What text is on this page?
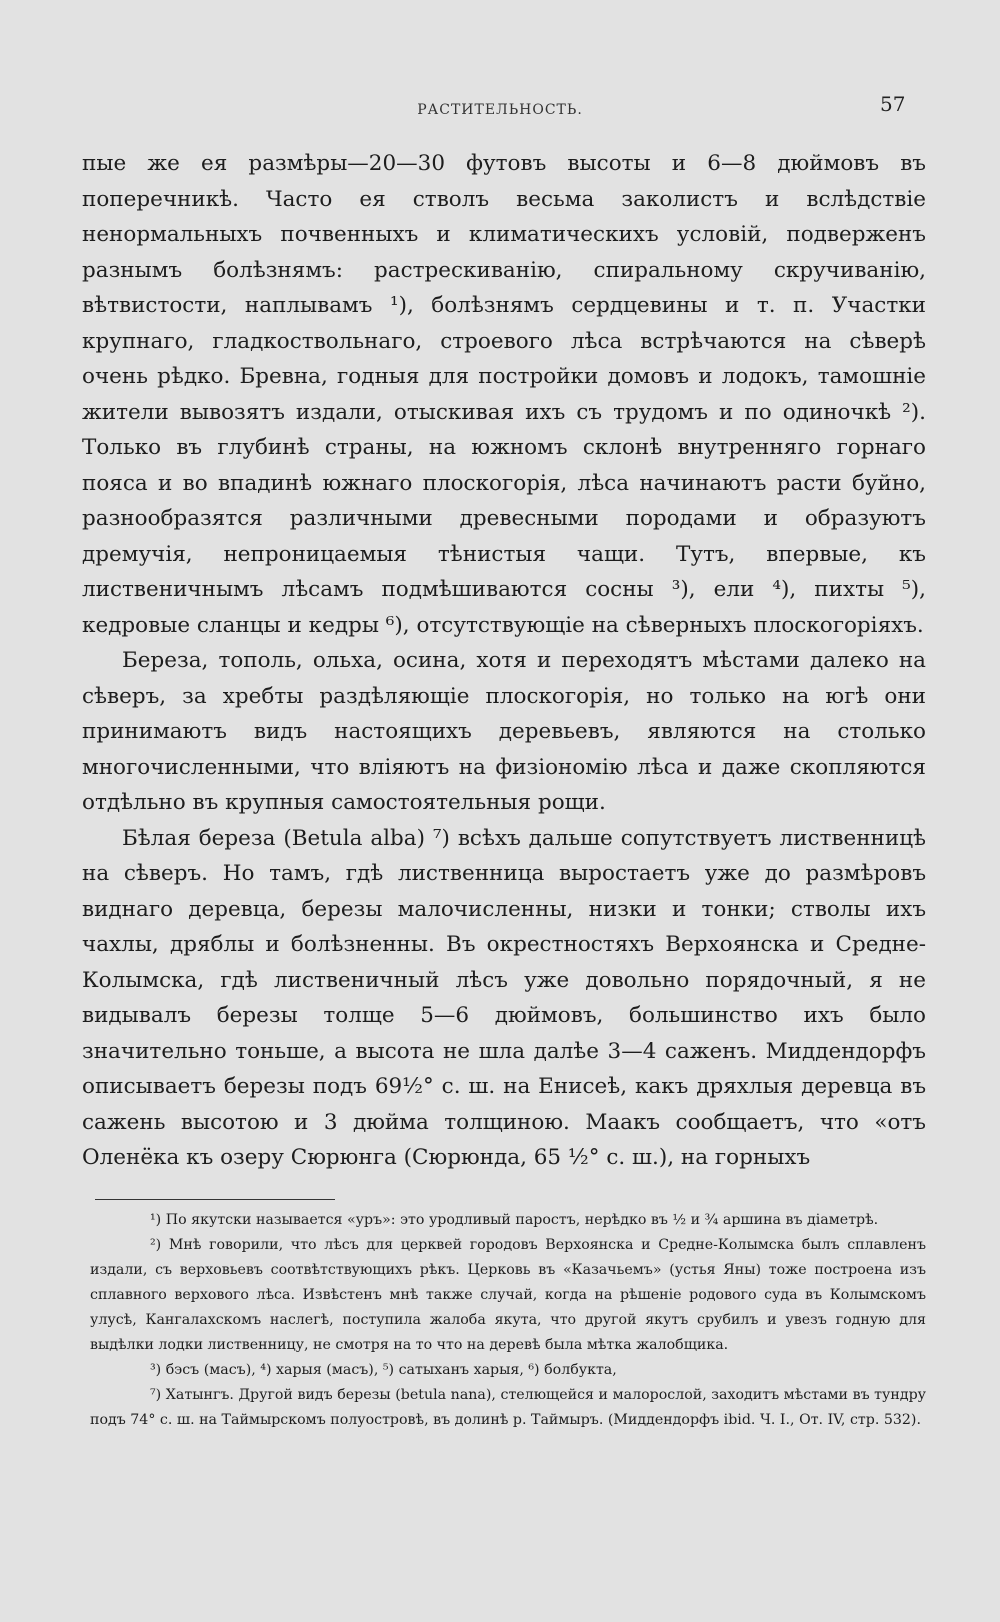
РАСТИТЕЛЬНОСТЬ.	57

пые же ея размѣры—20—30 футовъ высоты и 6—8 дюймовъ въ поперечникѣ. Часто ея стволъ весьма заколистъ и вслѣдствіе ненормальныхъ почвенныхъ и климатическихъ условій, подверженъ разнымъ болѣзнямъ: растрескиванію, спиральному скручиванію, вѣтвистости, наплывамъ ¹), болѣзнямъ сердцевины и т. п. Участки крупнаго, гладкоствольнаго, строевого лѣса встрѣчаются на сѣверѣ очень рѣдко. Бревна, годныя для постройки домовъ и лодокъ, тамошніе жители вывозятъ издали, отыскивая ихъ съ трудомъ и по одиночкѣ ²). Только въ глубинѣ страны, на южномъ склонѣ внутренняго горнаго пояса и во впадинѣ южнаго плоскогорія, лѣса начинаютъ расти буйно, разнообразятся различными древесными породами и образуютъ дремучія, непроницаемыя тѣнистыя чащи. Тутъ, впервые, къ лиственичнымъ лѣсамъ подмѣшиваются сосны ³), ели ⁴), пихты ⁵), кедровые сланцы и кедры ⁶), отсутствующіе на сѣверныхъ плоскогоріяхъ.

Береза, тополь, ольха, осина, хотя и переходятъ мѣстами далеко на сѣверъ, за хребты раздѣляющіе плоскогорія, но только на югѣ они принимаютъ видъ настоящихъ деревьевъ, являются на столько многочисленными, что вліяютъ на физіономію лѣса и даже скопляются отдѣльно въ крупныя самостоятельныя рощи.

Бѣлая береза (Betula alba) ⁷) всѣхъ дальше сопутствуетъ лиственницѣ на сѣверъ. Но тамъ, гдѣ лиственница выростаетъ уже до размѣровъ виднаго деревца, березы малочисленны, низки и тонки; стволы ихъ чахлы, дряблы и болѣзненны. Въ окрестностяхъ Верхоянска и Средне-Колымска, гдѣ лиственичный лѣсъ уже довольно порядочный, я не видывалъ березы толще 5—6 дюймовъ, большинство ихъ было значительно тоньше, а высота не шла далѣе 3—4 саженъ. Миддендорфъ описываетъ березы подъ 69½° с. ш. на Енисеѣ, какъ дряхлыя деревца въ сажень высотою и 3 дюйма толщиною. Маакъ сообщаетъ, что «отъ Оленёка къ озеру Сюрюнга (Сюрюнда, 65 ½° с. ш.), на горныхъ

¹) По якутски называется «уръ»: это уродливый паростъ, нерѣдко въ ½ и ¾ аршина въ діаметрѣ.

²) Мнѣ говорили, что лѣсъ для церквей городовъ Верхоянска и Средне-Колымска былъ сплавленъ издали, съ верховьевъ соотвѣтствующихъ рѣкъ. Церковь въ «Казачьемъ» (устья Яны) тоже построена изъ сплавного верхового лѣса. Извѣстенъ мнѣ также случай, когда на рѣшеніе родового суда въ Колымскомъ улусѣ, Кангалахскомъ наслегѣ, поступила жалоба якута, что другой якутъ срубилъ и увезъ годную для выдѣлки лодки лиственницу, не смотря на то что на деревѣ была мѣтка жалобщика.

³) бэсъ (масъ), ⁴) харыя (масъ), ⁵) сатыханъ харыя, ⁶) болбукта,

⁷) Хатынгъ. Другой видъ березы (betula nana), стелющейся и малорослой, заходитъ мѣстами въ тундру подъ 74° с. ш. на Таймырскомъ полуостровѣ, въ долинѣ р. Таймыръ. (Миддендорфъ ibid. Ч. I., От. IV, стр. 532).
